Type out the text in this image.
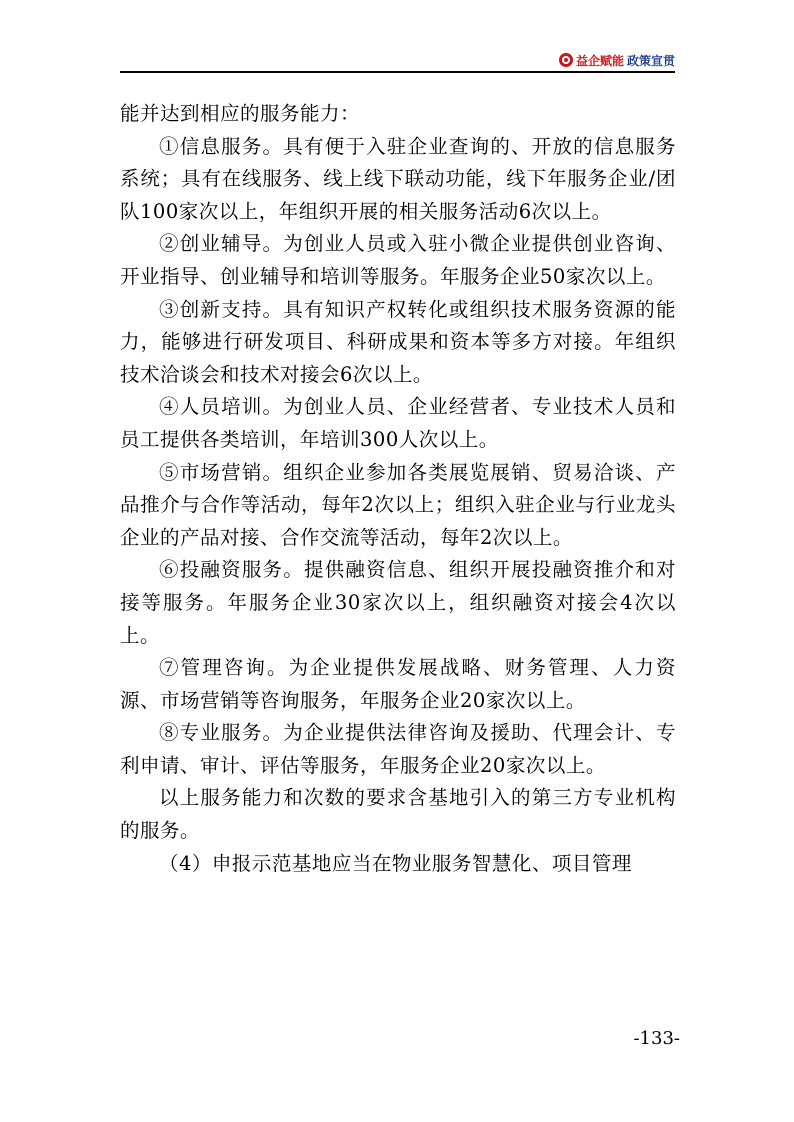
益企赋能 政策宣贯

能并达到相应的服务能力：

①信息服务。具有便于入驻企业查询的、开放的信息服务系统；具有在线服务、线上线下联动功能，线下年服务企业/团队100家次以上，年组织开展的相关服务活动6次以上。

②创业辅导。为创业人员或入驻小微企业提供创业咨询、开业指导、创业辅导和培训等服务。年服务企业50家次以上。

③创新支持。具有知识产权转化或组织技术服务资源的能力，能够进行研发项目、科研成果和资本等多方对接。年组织技术洽谈会和技术对接会6次以上。

④人员培训。为创业人员、企业经营者、专业技术人员和员工提供各类培训，年培训300人次以上。

⑤市场营销。组织企业参加各类展览展销、贸易洽谈、产品推介与合作等活动，每年2次以上；组织入驻企业与行业龙头企业的产品对接、合作交流等活动，每年2次以上。

⑥投融资服务。提供融资信息、组织开展投融资推介和对接等服务。年服务企业30家次以上，组织融资对接会4次以上。

⑦管理咨询。为企业提供发展战略、财务管理、人力资源、市场营销等咨询服务，年服务企业20家次以上。

⑧专业服务。为企业提供法律咨询及援助、代理会计、专利申请、审计、评估等服务，年服务企业20家次以上。

以上服务能力和次数的要求含基地引入的第三方专业机构的服务。

（4）申报示范基地应当在物业服务智慧化、项目管理

-133-
